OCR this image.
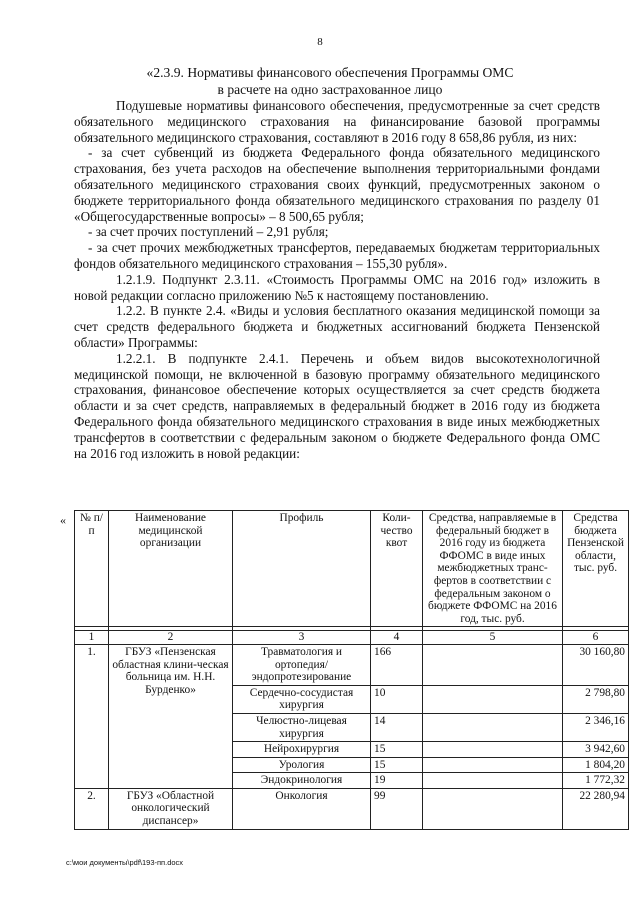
8
«2.3.9. Нормативы финансового обеспечения Программы ОМС
в расчете на одно застрахованное лицо

Подушевые нормативы финансового обеспечения, предусмотренные за счет средств обязательного медицинского страхования на финансирование базовой программы обязательного медицинского страхования, составляют в 2016 году 8 658,86 рубля, из них:

- за счет субвенций из бюджета Федерального фонда обязательного медицинского страхования, без учета расходов на обеспечение выполнения территориальными фондами обязательного медицинского страхования своих функций, предусмотренных законом о бюджете территориального фонда обязательного медицинского страхования по разделу 01 «Общегосударственные вопросы» – 8 500,65 рубля;

- за счет прочих поступлений – 2,91 рубля;

- за счет прочих межбюджетных трансфертов, передаваемых бюджетам территориальных фондов обязательного медицинского страхования – 155,30 рубля».

1.2.1.9. Подпункт 2.3.11. «Стоимость Программы ОМС на 2016 год» изложить в новой редакции согласно приложению №5 к настоящему постановлению.

1.2.2. В пункте 2.4. «Виды и условия бесплатного оказания медицинской помощи за счет средств федерального бюджета и бюджетных ассигнований бюджета Пензенской области» Программы:

1.2.2.1. В подпункте 2.4.1. Перечень и объем видов высокотехнологичной медицинской помощи, не включенной в базовую программу обязательного медицинского страхования, финансовое обеспечение которых осуществляется за счет средств бюджета области и за счет средств, направляемых в федеральный бюджет в 2016 году из бюджета Федерального фонда обязательного медицинского страхования в виде иных межбюджетных трансфертов в соответствии с федеральным законом о бюджете Федерального фонда ОМС на 2016 год изложить в новой редакции:

« № п/п	Наименование медицинской организации	Профиль	Коли-чество квот	Средства, направляемые в федеральный бюджет в 2016 году из бюджета ФФОМС в виде иных межбюджетных транс-фертов в соответствии с федеральным законом о бюджете ФФОМС на 2016 год, тыс. руб.	Средства бюджета Пензенской области, тыс. руб.

1	2	3	4	5	6
1.	ГБУЗ «Пензенская областная клини-ческая больница им. Н.Н. Бурденко»	Травматология и ортопедия/ эндопротезирование	166		30 160,80
		Сердечно-сосудистая хирургия	10		2 798,80
		Челюстно-лицевая хирургия	14		2 346,16
		Нейрохирургия	15		3 942,60
		Урология	15		1 804,20
		Эндокринология	19		1 772,32
2.	ГБУЗ «Областной онкологический диспансер»	Онкология	99		22 280,94
c:\мои документы\pdf\193-пп.docx
